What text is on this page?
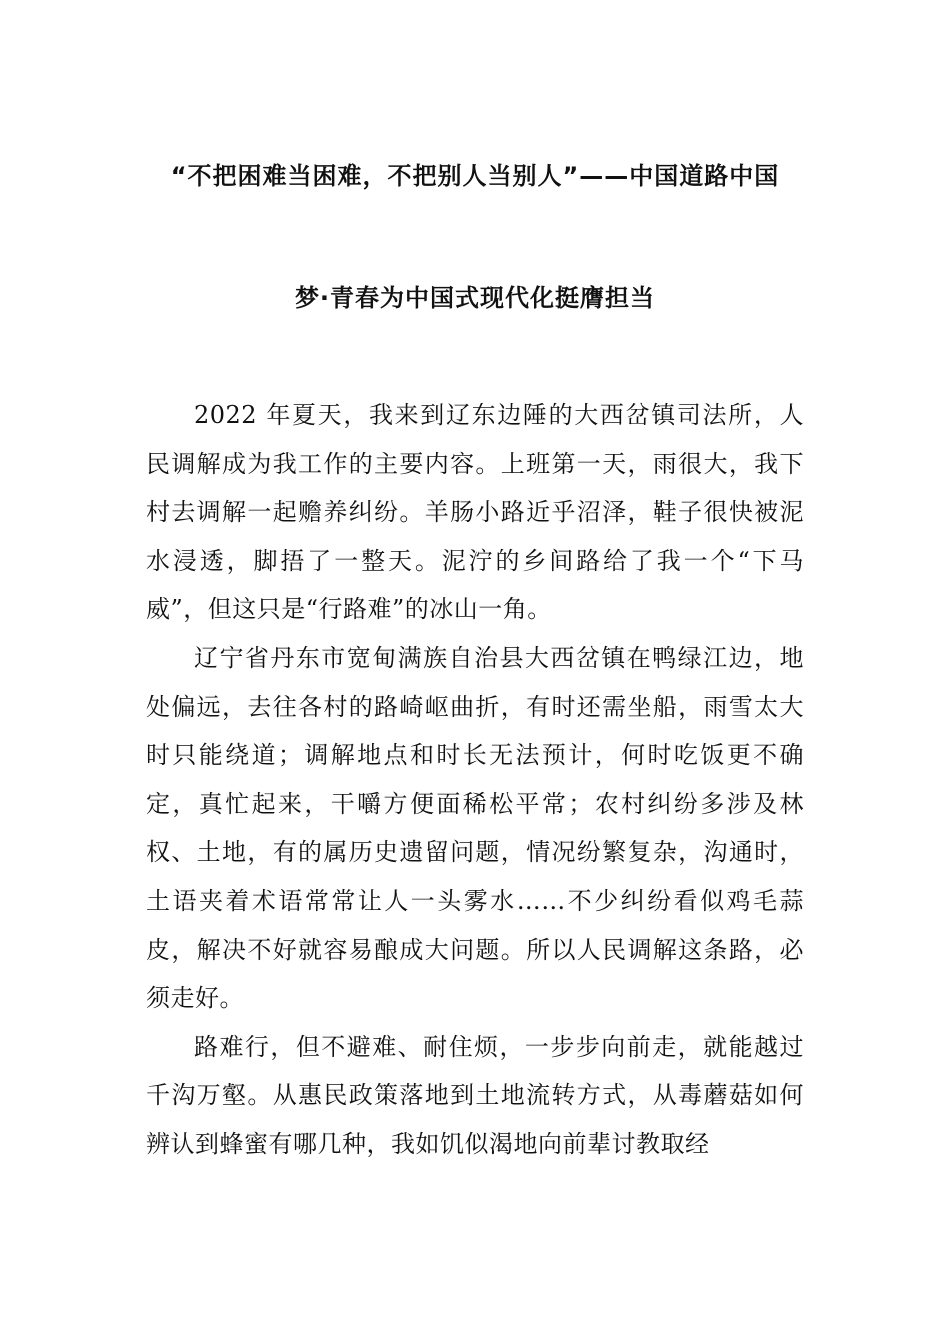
“不把困难当困难，不把别人当别人”——中国道路中国
梦·青春为中国式现代化挺膺担当

2022 年夏天，我来到辽东边陲的大西岔镇司法所，人民调解成为我工作的主要内容。上班第一天，雨很大，我下村去调解一起赡养纠纷。羊肠小路近乎沼泽，鞋子很快被泥水浸透，脚捂了一整天。泥泞的乡间路给了我一个“下马威”，但这只是“行路难”的冰山一角。

辽宁省丹东市宽甸满族自治县大西岔镇在鸭绿江边，地处偏远，去往各村的路崎岖曲折，有时还需坐船，雨雪太大时只能绕道；调解地点和时长无法预计，何时吃饭更不确定，真忙起来，干嚼方便面稀松平常；农村纠纷多涉及林权、土地，有的属历史遗留问题，情况纷繁复杂，沟通时，土语夹着术语常常让人一头雾水……不少纠纷看似鸡毛蒜皮，解决不好就容易酿成大问题。所以人民调解这条路，必须走好。

路难行，但不避难、耐住烦，一步步向前走，就能越过千沟万壑。从惠民政策落地到土地流转方式，从毒蘑菇如何辨认到蜂蜜有哪几种，我如饥似渴地向前辈讨教取经
